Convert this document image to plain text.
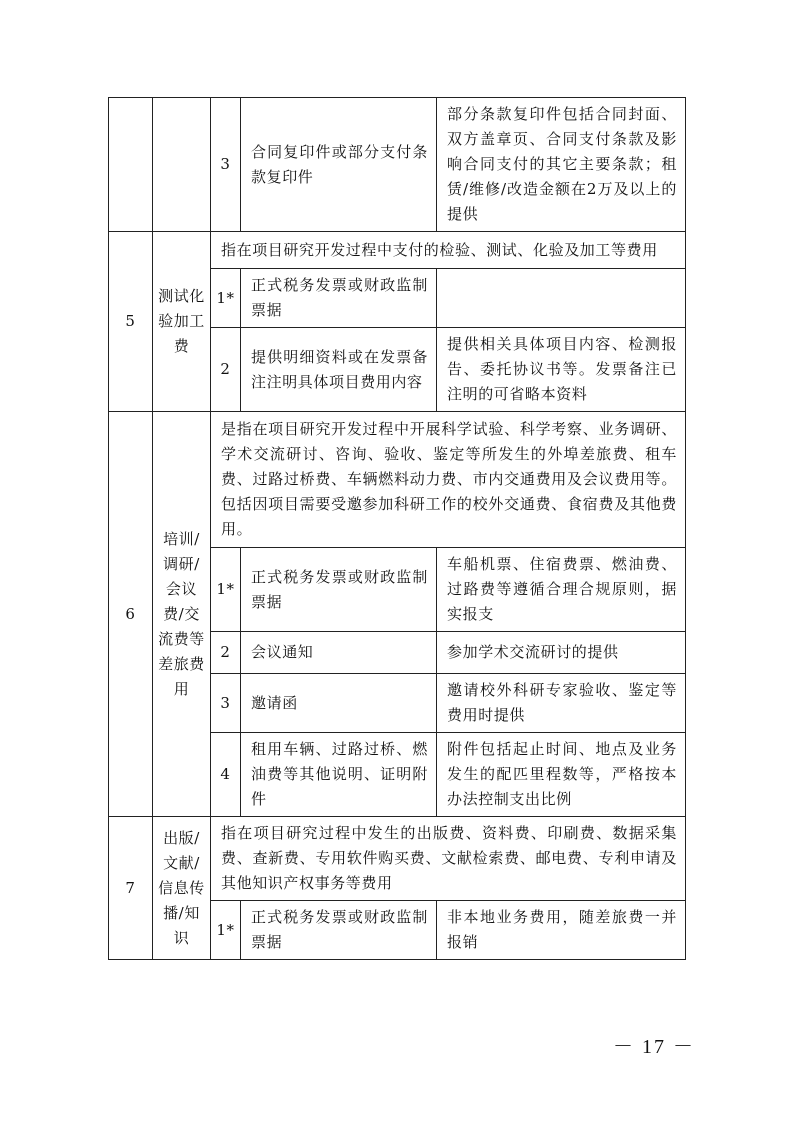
		3	合同复印件或部分支付条款复印件	部分条款复印件包括合同封面、双方盖章页、合同支付条款及影响合同支付的其它主要条款；租赁/维修/改造金额在2万及以上的提供
5	测试化验加工费	指在项目研究开发过程中支付的检验、测试、化验及加工等费用		
		1*	正式税务发票或财政监制票据	
		2	提供明细资料或在发票备注注明具体项目费用内容	提供相关具体项目内容、检测报告、委托协议书等。发票备注已注明的可省略本资料
6	培训/调研/会议费/交流费等差旅费用	是指在项目研究开发过程中开展科学试验、科学考察、业务调研、学术交流研讨、咨询、验收、鉴定等所发生的外埠差旅费、租车费、过路过桥费、车辆燃料动力费、市内交通费用及会议费用等。包括因项目需要受邀参加科研工作的校外交通费、食宿费及其他费用。		
		1*	正式税务发票或财政监制票据	车船机票、住宿费票、燃油费、过路费等遵循合理合规原则，据实报支
		2	会议通知	参加学术交流研讨的提供
		3	邀请函	邀请校外科研专家验收、鉴定等费用时提供
		4	租用车辆、过路过桥、燃油费等其他说明、证明附件	附件包括起止时间、地点及业务发生的配匹里程数等，严格按本办法控制支出比例
7	出版/文献/信息传播/知识	指在项目研究过程中发生的出版费、资料费、印刷费、数据采集费、查新费、专用软件购买费、文献检索费、邮电费、专利申请及其他知识产权事务等费用		
		1*	正式税务发票或财政监制票据	非本地业务费用，随差旅费一并报销
－ 17 －
